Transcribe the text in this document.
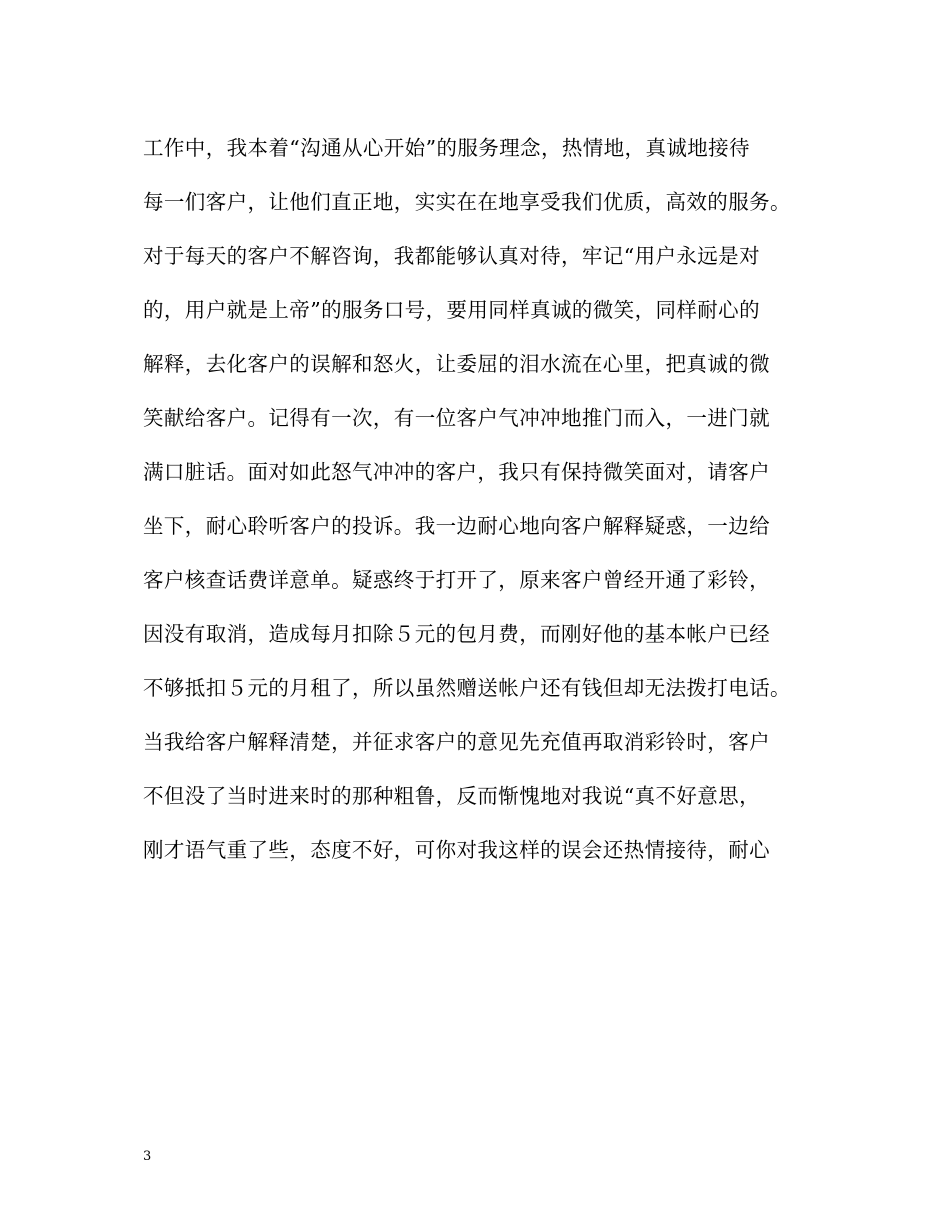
工作中，我本着“沟通从心开始”的服务理念，热情地，真诚地接待
每一们客户，让他们直正地，实实在在地享受我们优质，高效的服务。
对于每天的客户不解咨询，我都能够认真对待，牢记“用户永远是对
的，用户就是上帝”的服务口号，要用同样真诚的微笑，同样耐心的
解释，去化客户的误解和怒火，让委屈的泪水流在心里，把真诚的微
笑献给客户。记得有一次，有一位客户气冲冲地推门而入，一进门就
满口脏话。面对如此怒气冲冲的客户，我只有保持微笑面对，请客户
坐下，耐心聆听客户的投诉。我一边耐心地向客户解释疑惑，一边给
客户核查话费详意单。疑惑终于打开了，原来客户曾经开通了彩铃，
因没有取消，造成每月扣除５元的包月费，而刚好他的基本帐户已经
不够抵扣５元的月租了，所以虽然赠送帐户还有钱但却无法拨打电话。
当我给客户解释清楚，并征求客户的意见先充值再取消彩铃时，客户
不但没了当时进来时的那种粗鲁，反而惭愧地对我说“真不好意思，
刚才语气重了些，态度不好，可你对我这样的误会还热情接待，耐心
3
